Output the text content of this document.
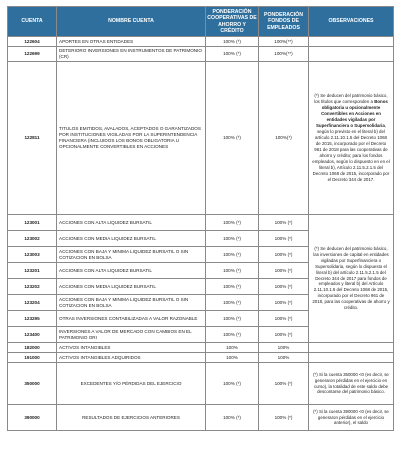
CUENTA	NOMBRE CUENTA	PONDERACIÓN COOPERATIVAS DE AHORRO Y CRÉDITO	PONDERACIÓN FONDOS DE EMPLEADOS	OBSERVACIONES
122604	APORTES EN OTRAS ENTIDADES	100% (*)	100%(**)	
122699	DETERIORO INVERSIONES EN INSTRUMENTOS DE PATRIMONIO (CR)	100% (*)	100%(**)	
122811	TITULOS EMITIDOS, AVALADOS, ACEPTADOS O GARANTIZADOS POR INSTITUCIONES VIGILADAS POR LA SUPERINTENDENCIA FINANCIERA (INCLUIDOS LOS BONOS OBLIGATORIA U OPCIONALMENTE CONVERTIBLES EN ACCIONES	100% (*)	100%(*)	(*) Se deducen del patrimonio básico, los títulos que corresponden a Bonos obligatoria u opcionalmente Convertibles en Acciones en entidades vigiladas por Superfinanciera o Supersolidaria, según lo previsto en el literal b) del artículo 2.11.10.1.5 del Decreto 1068 de 2015, incorporado por el Decreto 961 de 2018 para las cooperativas de ahorro y crédito; para los fondos empleados, según lo dispuesto en en el literal b), Artículo 2.11.5.2.1.5 del Decreto 1068 de 2015, incorporado por el Decreto 344 de 2017.
123001	ACCIONES CON ALTA LIQUIDEZ BURSATIL	100% (*)	100% (*)	(*) Se deducen del patrimonio básico, las inversiones de capital en entidades vigiladas por Superfinanciera o Supersolidaria, según lo dispuesto el literal b) del artículo 2.11.5.2.1.5 del Decreto 344 de 2017 para fondos de empleados y literal b) del Artículo 2.11.10.1.5 del Decreto 1068 de 2015, incorporado por el Decreto 961 de 2018, para las cooperativas de ahorro y crédito.
123002	ACCIONES CON MEDIA LIQUIDEZ BURSATIL	100% (*)	100% (*)	
123003	ACCIONES CON BAJA Y MINIMA LIQUIDEZ BURSATIL O SIN COTIZACION EN BOLSA	100% (*)	100% (*)	
123201	ACCIONES CON ALTA LIQUIDEZ BURSATIL	100% (*)	100% (*)	
123202	ACCIONES CON MEDIA LIQUIDEZ BURSATIL	100% (*)	100% (*)	
123204	ACCIONES CON BAJA Y MINIMA LIQUIDEZ BURSATIL O SIN COTIZACION EN BOLSA	100% (*)	100% (*)	
123295	OTRAS INVERSIONES CONTABILIZADAS A VALOR RAZONABLE	100% (*)	100% (*)	
123400	INVERSIONES A VALOR DE MERCADO CON CAMBIOS EN EL PATRIMONIO ORI	100% (*)	100% (*)	
182000	ACTIVOS INTANGIBLES	100%	100%	
191000	ACTIVOS INTANGIBLES ADQUIRIDOS	100%	100%	
350000	EXCEDENTES Y/O PÉRDIDAS DEL EJERCICIO	100% (*)	100% (*)	(*) Si la cuenta 350000 <0 (es decir, se generaron pérdidas en el ejercicio en curso), la totalidad de este saldo debe descontarse del patrimonio básico.
390000	RESULTADOS DE EJERCICIOS ANTERIORES	100% (*)	100% (*)	(*) Si la cuenta 390000 <0 (es decir, se generaron pérdidas en el ejercicio anterior), el saldo
